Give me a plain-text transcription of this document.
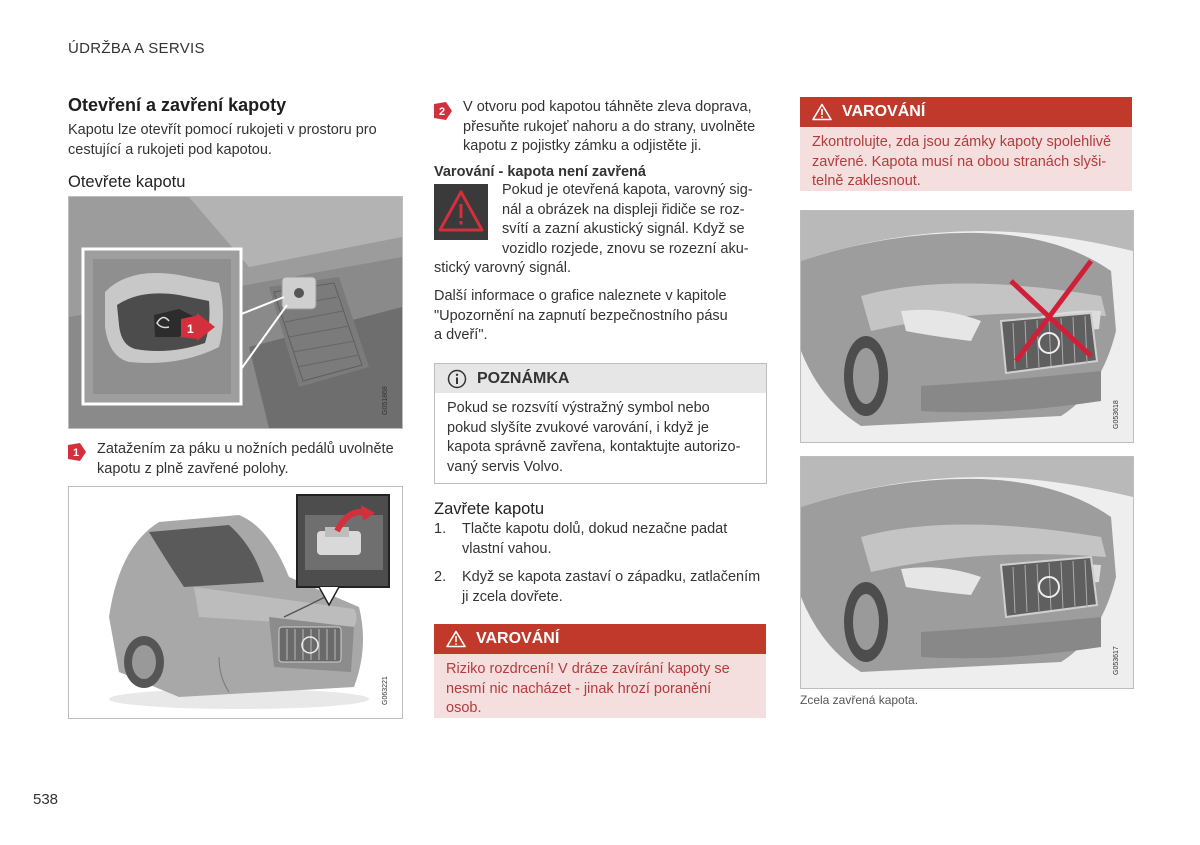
ÚDRŽBA A SERVIS
Otevření a zavření kapoty
Kapotu lze otevřít pomocí rukojeti v prostoru pro
cestující a rukojeti pod kapotou.
Otevřete kapotu
1
G051868
1 Zatažením za páku u nožních pedálů uvolněte
kapotu z plně zavřené polohy.
G063221
2 V otvoru pod kapotou táhněte zleva doprava,
přesuňte rukojeť nahoru a do strany, uvolněte
kapotu z pojistky zámku a odjistěte ji.
Varování - kapota není zavřená
Pokud je otevřená kapota, varovný sig-
nál a obrázek na displeji řidiče se roz-
svítí a zazní akustický signál. Když se
vozidlo rozjede, znovu se rozezní aku-
stický varovný signál.
Další informace o grafice naleznete v kapitole
"Upozornění na zapnutí bezpečnostního pásu
a dveří".
POZNÁMKA
Pokud se rozsvítí výstražný symbol nebo
pokud slyšíte zvukové varování, i když je
kapota správně zavřena, kontaktujte autorizo-
vaný servis Volvo.
Zavřete kapotu
1. Tlačte kapotu dolů, dokud nezačne padat
vlastní vahou.
2. Když se kapota zastaví o západku, zatlačením
ji zcela dovřete.
VAROVÁNÍ
Riziko rozdrcení! V dráze zavírání kapoty se
nesmí nic nacházet - jinak hrozí poranění
osob.
VAROVÁNÍ
Zkontrolujte, zda jsou zámky kapoty spolehlivě
zavřené. Kapota musí na obou stranách slyši-
telně zaklesnout.
G053618
G053617
Zcela zavřená kapota.
538
